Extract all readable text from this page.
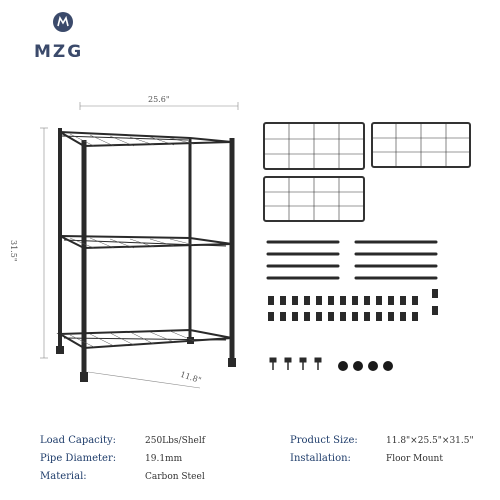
MZG
25.6"
31.5"
11.8"
Load Capacity:	250Lbs/Shelf
Pipe Diameter:	19.1mm
Material:	Carbon Steel
Product Size:	11.8"×25.5"×31.5"
Installation:	Floor Mount
